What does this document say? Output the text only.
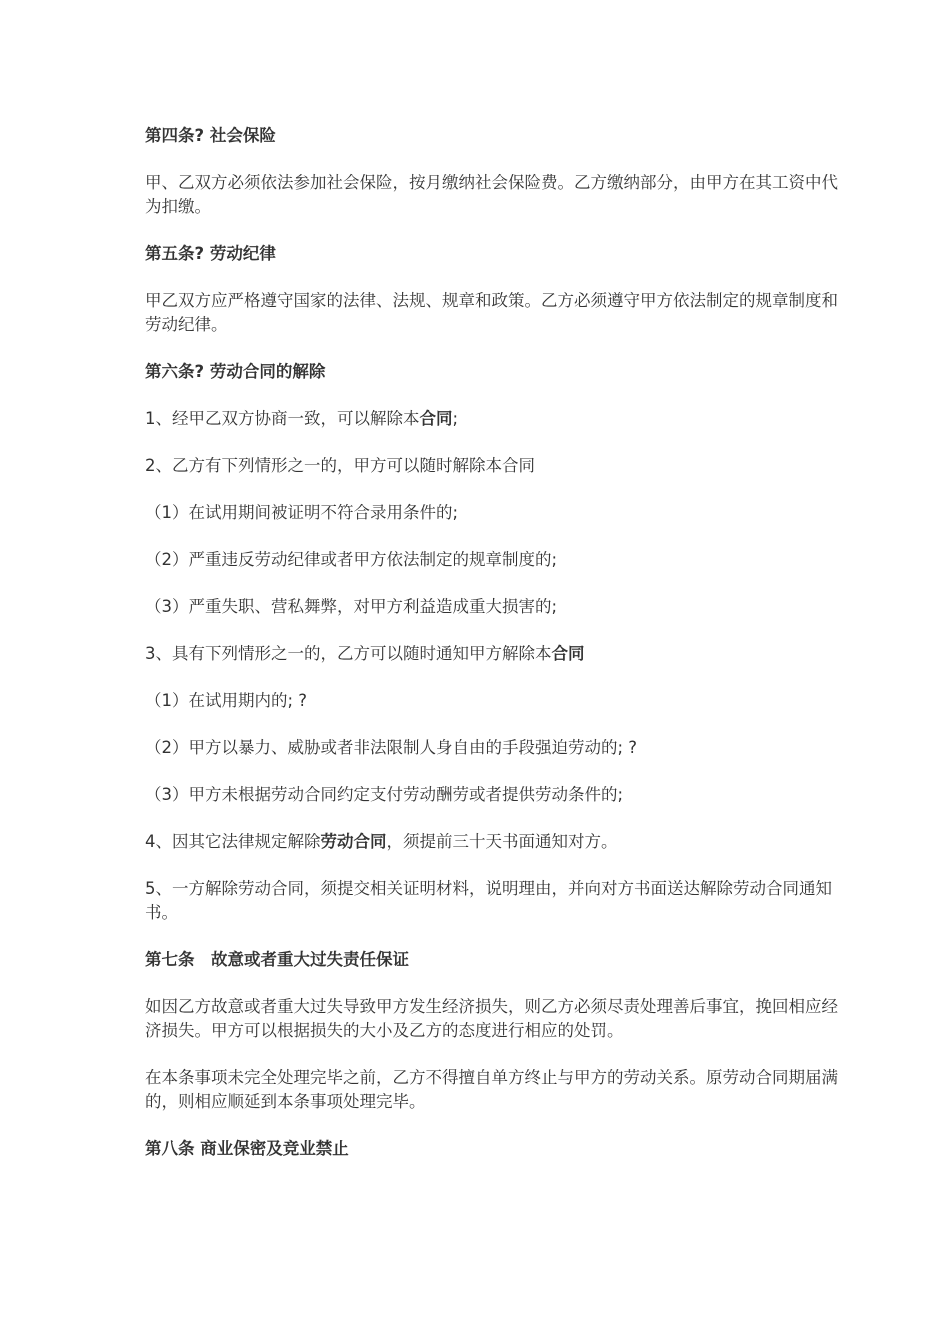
第四条? 社会保险
甲、乙双方必须依法参加社会保险，按月缴纳社会保险费。乙方缴纳部分，由甲方在其工资中代为扣缴。
第五条? 劳动纪律
甲乙双方应严格遵守国家的法律、法规、规章和政策。乙方必须遵守甲方依法制定的规章制度和劳动纪律。
第六条? 劳动合同的解除
1、经甲乙双方协商一致，可以解除本合同;
2、乙方有下列情形之一的，甲方可以随时解除本合同
（1）在试用期间被证明不符合录用条件的;
（2）严重违反劳动纪律或者甲方依法制定的规章制度的;
（3）严重失职、营私舞弊，对甲方利益造成重大损害的;
3、具有下列情形之一的，乙方可以随时通知甲方解除本合同
（1）在试用期内的; ?
（2）甲方以暴力、威胁或者非法限制人身自由的手段强迫劳动的; ?
（3）甲方未根据劳动合同约定支付劳动酬劳或者提供劳动条件的;
4、因其它法律规定解除劳动合同，须提前三十天书面通知对方。
5、一方解除劳动合同，须提交相关证明材料，说明理由，并向对方书面送达解除劳动合同通知书。
第七条　故意或者重大过失责任保证
如因乙方故意或者重大过失导致甲方发生经济损失，则乙方必须尽责处理善后事宜，挽回相应经济损失。甲方可以根据损失的大小及乙方的态度进行相应的处罚。
在本条事项未完全处理完毕之前，乙方不得擅自单方终止与甲方的劳动关系。原劳动合同期届满的，则相应顺延到本条事项处理完毕。
第八条 商业保密及竞业禁止
